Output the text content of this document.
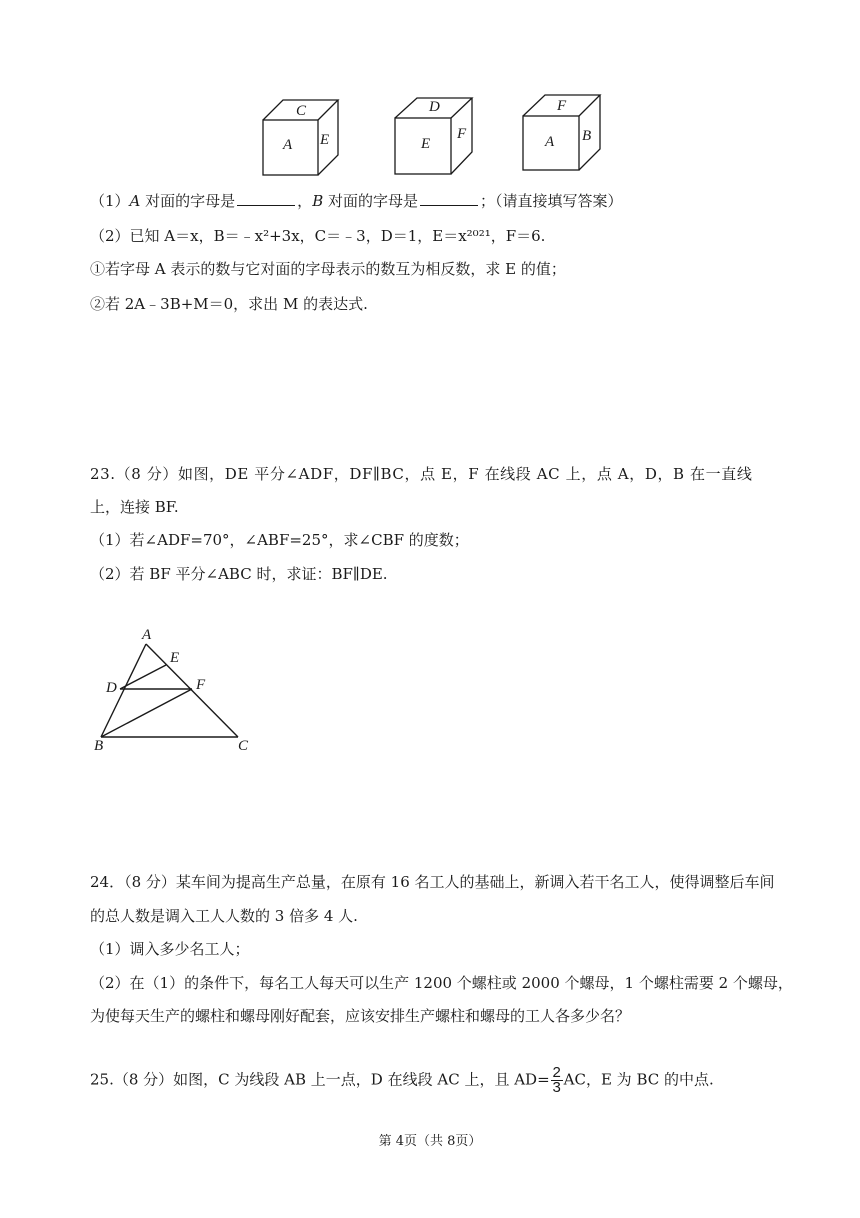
C
A E
D
E
F
F
A B
（1）A 对面的字母是	，B 对面的字母是	；（请直接填写答案）
（2）已知 A＝x，B＝﹣x²+3x，C＝﹣3，D＝1，E＝x²⁰²¹，F＝6.
①若字母 A 表示的数与它对面的字母表示的数互为相反数，求 E 的值；
②若 2A﹣3B+M＝0，求出 M 的表达式.
23.（8 分）如图，DE 平分∠ADF，DF∥BC，点 E，F 在线段 AC 上，点 A，D，B 在一直线
上，连接 BF.
（1）若∠ADF=70°，∠ABF=25°，求∠CBF 的度数；
（2）若 BF 平分∠ABC 时，求证：BF∥DE.
A
E
D	F
B	C
24．（8 分）某车间为提高生产总量，在原有 16 名工人的基础上，新调入若干名工人，使得调整后车间
的总人数是调入工人人数的 3 倍多 4 人.
（1）调入多少名工人；
（2）在（1）的条件下，每名工人每天可以生产 1200 个螺柱或 2000 个螺母，1 个螺柱需要 2 个螺母，
为使每天生产的螺柱和螺母刚好配套，应该安排生产螺柱和螺母的工人各多少名？
25.（8 分）如图，C 为线段 AB 上一点，D 在线段 AC 上，且 $AD= \frac{2}{3}$ AC，E 为 BC 的中点.
第 4页（共 8页）
